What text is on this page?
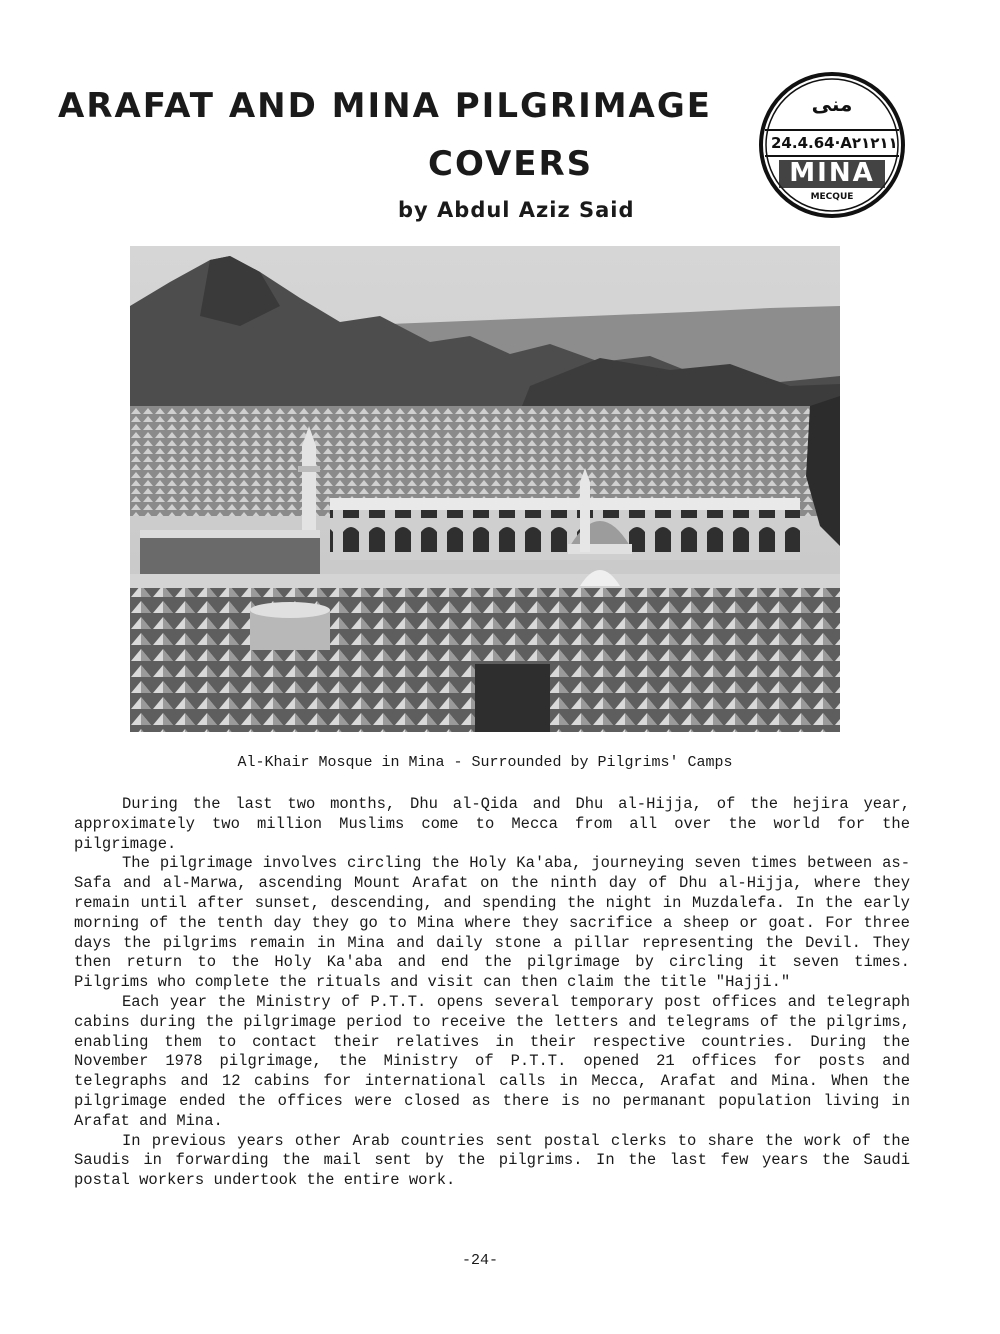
ARAFAT AND MINA PILGRIMAGE
COVERS
by Abdul Aziz Said
منى
24.4.64·A٢١٢١١
MINA
MECQUE
Al-Khair Mosque in Mina - Surrounded by Pilgrims' Camps

During the last two months, Dhu al-Qida and Dhu al-Hijja, of the hejira year, approximately two million Muslims come to Mecca from all over the world for the pilgrimage.

The pilgrimage involves circling the Holy Ka'aba, journeying seven times between as-Safa and al-Marwa, ascending Mount Arafat on the ninth day of Dhu al-Hijja, where they remain until after sunset, descending, and spending the night in Muzdalefa. In the early morning of the tenth day they go to Mina where they sacrifice a sheep or goat. For three days the pilgrims remain in Mina and daily stone a pillar representing the Devil. They then return to the Holy Ka'aba and end the pilgrimage by circling it seven times. Pilgrims who complete the rituals and visit can then claim the title "Hajji."

Each year the Ministry of P.T.T. opens several temporary post offices and telegraph cabins during the pilgrimage period to receive the letters and telegrams of the pilgrims, enabling them to contact their relatives in their respective countries. During the November 1978 pilgrimage, the Ministry of P.T.T. opened 21 offices for posts and telegraphs and 12 cabins for international calls in Mecca, Arafat and Mina. When the pilgrimage ended the offices were closed as there is no permanant population living in Arafat and Mina.

In previous years other Arab countries sent postal clerks to share the work of the Saudis in forwarding the mail sent by the pilgrims. In the last few years the Saudi postal workers undertook the entire work.

-24-
